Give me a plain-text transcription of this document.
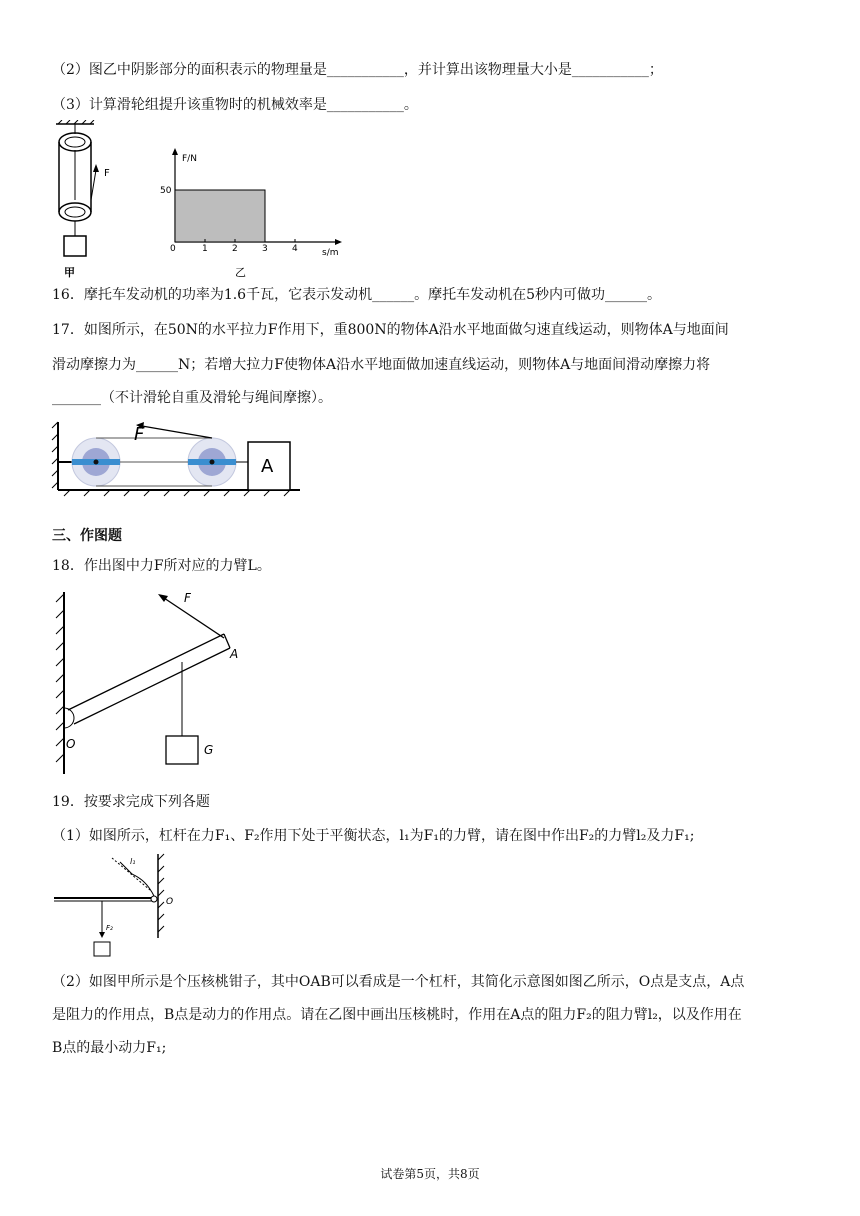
（2）图乙中阴影部分的面积表示的物理量是___________，并计算出该物理量大小是___________；
（3）计算滑轮组提升该重物时的机械效率是___________。
F
甲
F/N
s/m
50
0	1	2	3	4
乙
16．摩托车发动机的功率为1.6千瓦，它表示发动机______。摩托车发动机在5秒内可做功______。
17．如图所示，在50N的水平拉力F作用下，重800N的物体A沿水平地面做匀速直线运动，则物体A与地面间
滑动摩擦力为______N；若增大拉力F使物体A沿水平地面做加速直线运动，则物体A与地面间滑动摩擦力将
_______（不计滑轮自重及滑轮与绳间摩擦）。
F
A
三、作图题
18．作出图中力F所对应的力臂L。
F
A
O	G
19．按要求完成下列各题
（1）如图所示，杠杆在力F₁、F₂作用下处于平衡状态，l₁为F₁的力臂，请在图中作出F₂的力臂l₂及力F₁;
O
l₁
F₂
（2）如图甲所示是个压核桃钳子，其中OAB可以看成是一个杠杆，其简化示意图如图乙所示，O点是支点，A点
是阻力的作用点，B点是动力的作用点。请在乙图中画出压核桃时，作用在A点的阻力F₂的阻力臂l₂，以及作用在
B点的最小动力F₁;
试卷第5页，共8页
